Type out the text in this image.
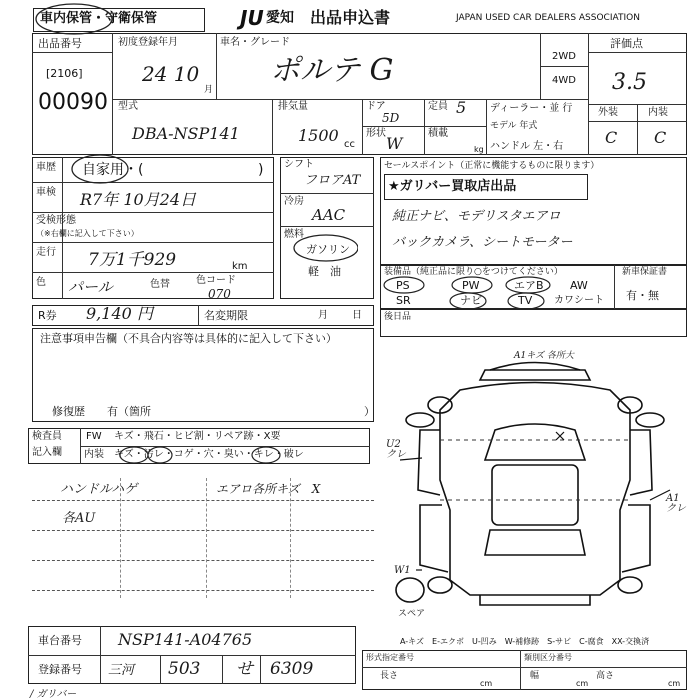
車内保管・守衛保管	JU 愛知 出品申込書	JAPAN USED CAR DEALERS ASSOCIATION
出品番号
[2106]
00090
初度登録年月
24 10
月
車名・グレード
ポルテ G	2WD
4WD
評価点
3.5
外装	内装
C C
型式
DBA-NSP141
排気量
1500 cc
ドア
5D
定員 5
形状
W
積載
kg
ディーラー・並 行
モデル 年式
ハンドル 左・右
車歴 自家用・(	)
車検 R7年 10月24日
受検形態
（※右欄に記入して下さい）
走行 7万1千929	km
色 パール	色替	色コード
070
R券 9,140 円	名変期限	月 日
シフト
フロアAT
冷房
AAC
燃料
ガソリン
軽　油
セールスポイント（正常に機能するものに限ります）
★ガリバー買取店出品
純正ナビ、モデリスタエアロ
バックカメラ、シートモーター
装備品（純正品に限り○をつけてください）	新車保証書
有・無
PS	PW	エアB AW
SR	ナビ	TV カワシート
後日品
注意事項申告欄（不具合内容等は具体的に記入して下さい）
修復歴　　有（箇所	）
検査員
記入欄
FW キズ・飛石・ヒビ割・リペア跡・X要
内装 キズ・汚レ・コゲ・穴・臭い・キレ・破レ
ハンドルハゲ	エアロ各所キズ　X
各AU
A1キズ 各所大
U2 クレ
A1 クレ
W1
スペア
A-キズ　E-エクボ　U-凹み　W-補修跡　S-サビ　C-腐食　XX-交換済
車台番号 NSP141-A04765
登録番号 三河 503 せ 6309
形式指定番号	類別区分番号
長さ
cm
幅
cm
高さ
cm
/ ガリバー
